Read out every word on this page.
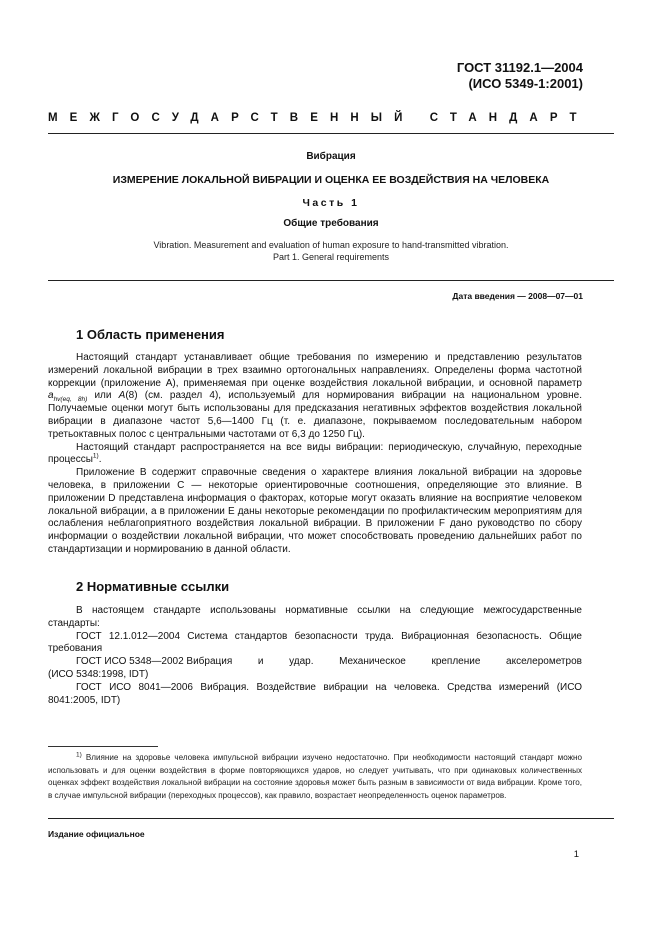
ГОСТ 31192.1—2004
(ИСО 5349-1:2001)
МЕЖГОСУДАРСТВЕННЫЙ СТАНДАРТ
Вибрация
ИЗМЕРЕНИЕ ЛОКАЛЬНОЙ ВИБРАЦИИ И ОЦЕНКА ЕЕ ВОЗДЕЙСТВИЯ НА ЧЕЛОВЕКА
Часть 1
Общие требования
Vibration. Measurement and evaluation of human exposure to hand-transmitted vibration.
Part 1. General requirements
Дата введения — 2008—07—01
1 Область применения

Настоящий стандарт устанавливает общие требования по измерению и представлению результатов измерений локальной вибрации в трех взаимно ортогональных направлениях. Определены форма частотной коррекции (приложение А), применяемая при оценке воздействия локальной вибрации, и основной параметр $a_{hv(eq, 8h)}$ или A(8) (см. раздел 4), используемый для нормирования вибрации на национальном уровне. Получаемые оценки могут быть использованы для предсказания негативных эффектов воздействия локальной вибрации в диапазоне частот 5,6—1400 Гц (т. е. диапазоне, покрываемом последовательным набором третьоктавных полос с центральными частотами от 6,3 до 1250 Гц).

Настоящий стандарт распространяется на все виды вибрации: периодическую, случайную, переходные процессы$^{1)}$.

Приложение В содержит справочные сведения о характере влияния локальной вибрации на здоровье человека, в приложении С — некоторые ориентировочные соотношения, определяющие это влияние. В приложении D представлена информация о факторах, которые могут оказать влияние на восприятие человеком локальной вибрации, а в приложении Е даны некоторые рекомендации по профилактическим мероприятиям для ослабления неблагоприятного воздействия локальной вибрации. В приложении F дано руководство по сбору информации о воздействии локальной вибрации, что может способствовать проведению дальнейших работ по стандартизации и нормированию в данной области.

2 Нормативные ссылки

В настоящем стандарте использованы нормативные ссылки на следующие межгосударственные стандарты:

ГОСТ 12.1.012—2004 Система стандартов безопасности труда. Вибрационная безопасность. Общие требования

ГОСТ ИСО 5348—2002 Вибрация	и	удар.	Механическое	крепление	акселерометров

(ИСО 5348:1998, IDT)

ГОСТ ИСО 8041—2006 Вибрация. Воздействие вибрации на человека. Средства измерений (ИСО 8041:2005, IDT)

$^{1)}$ Влияние на здоровье человека импульсной вибрации изучено недостаточно. При необходимости настоящий стандарт можно использовать и для оценки воздействия в форме повторяющихся ударов, но следует учитывать, что при одинаковых количественных оценках эффект воздействия локальной вибрации на состояние здоровья может быть разным в зависимости от вида вибрации. Кроме того, в случае импульсной вибрации (переходных процессов), как правило, возрастает неопределенность оценок параметров.

Издание официальное
1
